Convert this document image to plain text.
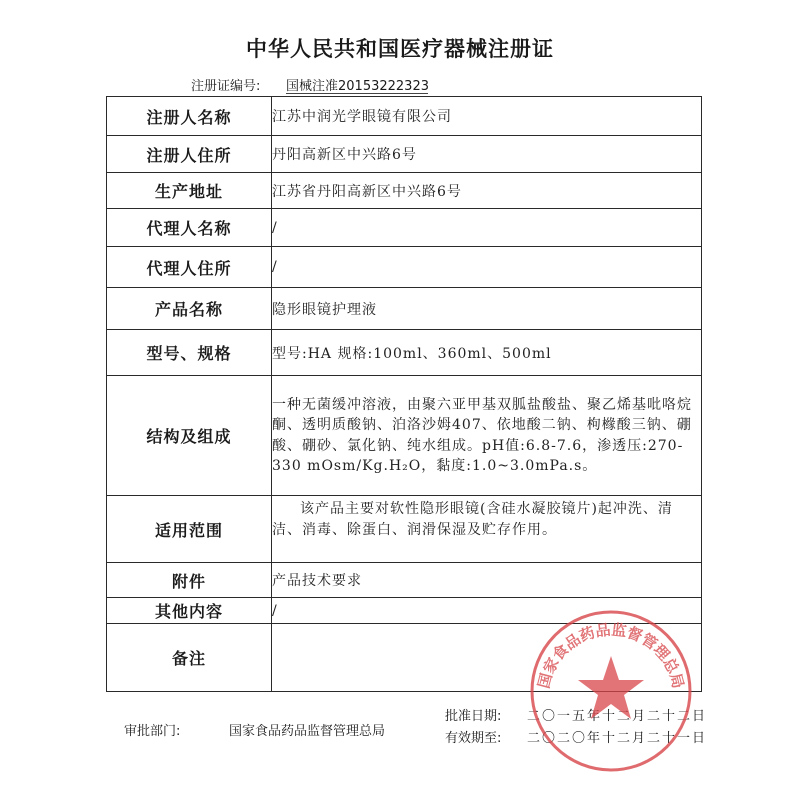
中华人民共和国医疗器械注册证
注册证编号: 国械注准20153222323
注册人名称	江苏中润光学眼镜有限公司
注册人住所	丹阳高新区中兴路6号
生产地址	江苏省丹阳高新区中兴路6号
代理人名称	/
代理人住所	/
产品名称	隐形眼镜护理液
型号、规格	型号:HA 规格:100ml、360ml、500ml
结构及组成	一种无菌缓冲溶液，由聚六亚甲基双胍盐酸盐、聚乙烯基吡咯烷酮、透明质酸钠、泊洛沙姆407、依地酸二钠、枸橼酸三钠、硼酸、硼砂、氯化钠、纯水组成。pH值:6.8-7.6，渗透压:270-330 mOsm/Kg.H₂O，黏度:1.0~3.0mPa.s。
适用范围	该产品主要对软性隐形眼镜(含硅水凝胶镜片)起冲洗、清洁、消毒、除蛋白、润滑保湿及贮存作用。

附件	产品技术要求
其他内容	/
备注	
审批部门:	国家食品药品监督管理总局
批准日期: 二〇一五年十二月二十二日
有效期至: 二〇二〇年十二月二十一日
国家食品药品监督管理总局
